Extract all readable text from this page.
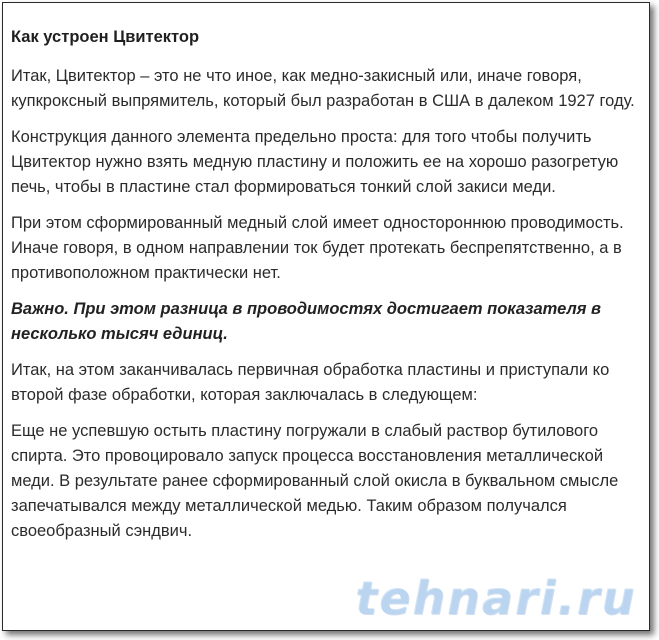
Как устроен Цвитектор

Итак, Цвитектор – это не что иное, как медно-закисный или, иначе говоря, купкроксный выпрямитель, который был разработан в США в далеком 1927 году.

Конструкция данного элемента предельно проста: для того чтобы получить Цвитектор нужно взять медную пластину и положить ее на хорошо разогретую печь, чтобы в пластине стал формироваться тонкий слой закиси меди.

При этом сформированный медный слой имеет одностороннюю проводимость. Иначе говоря, в одном направлении ток будет протекать беспрепятственно, а в противоположном практически нет.

Важно. При этом разница в проводимостях достигает показателя в несколько тысяч единиц.

Итак, на этом заканчивалась первичная обработка пластины и приступали ко второй фазе обработки, которая заключалась в следующем:

Еще не успевшую остыть пластину погружали в слабый раствор бутилового спирта. Это провоцировало запуск процесса восстановления металлической меди. В результате ранее сформированный слой окисла в буквальном смысле запечатывался между металлической медью. Таким образом получался своеобразный сэндвич.

tehnari.ru
